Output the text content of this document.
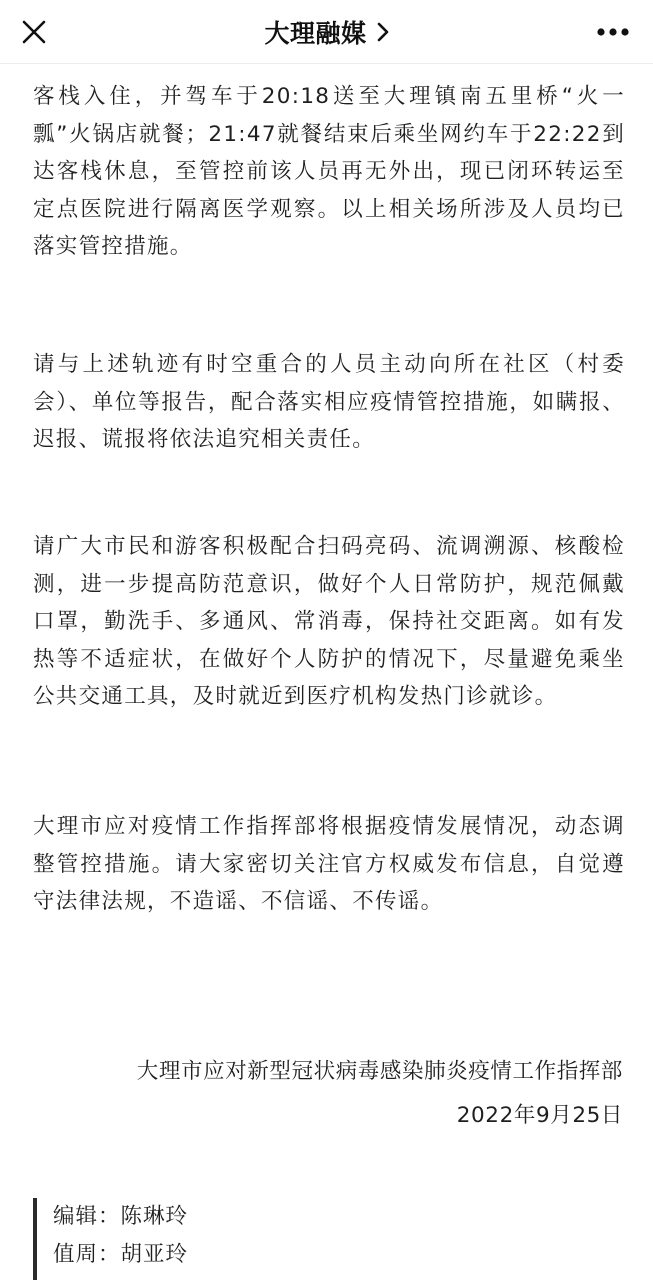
大理融媒

客栈入住，并驾车于20:18送至大理镇南五里桥“火一瓢”火锅店就餐；21:47就餐结束后乘坐网约车于22:22到达客栈休息，至管控前该人员再无外出，现已闭环转运至定点医院进行隔离医学观察。以上相关场所涉及人员均已落实管控措施。

请与上述轨迹有时空重合的人员主动向所在社区（村委会）、单位等报告，配合落实相应疫情管控措施，如瞒报、迟报、谎报将依法追究相关责任。

请广大市民和游客积极配合扫码亮码、流调溯源、核酸检测，进一步提高防范意识，做好个人日常防护，规范佩戴口罩，勤洗手、多通风、常消毒，保持社交距离。如有发热等不适症状，在做好个人防护的情况下，尽量避免乘坐公共交通工具，及时就近到医疗机构发热门诊就诊。

大理市应对疫情工作指挥部将根据疫情发展情况，动态调整管控措施。请大家密切关注官方权威发布信息，自觉遵守法律法规，不造谣、不信谣、不传谣。

大理市应对新型冠状病毒感染肺炎疫情工作指挥部
2022年9月25日
编辑：陈琳玲
值周：胡亚玲
